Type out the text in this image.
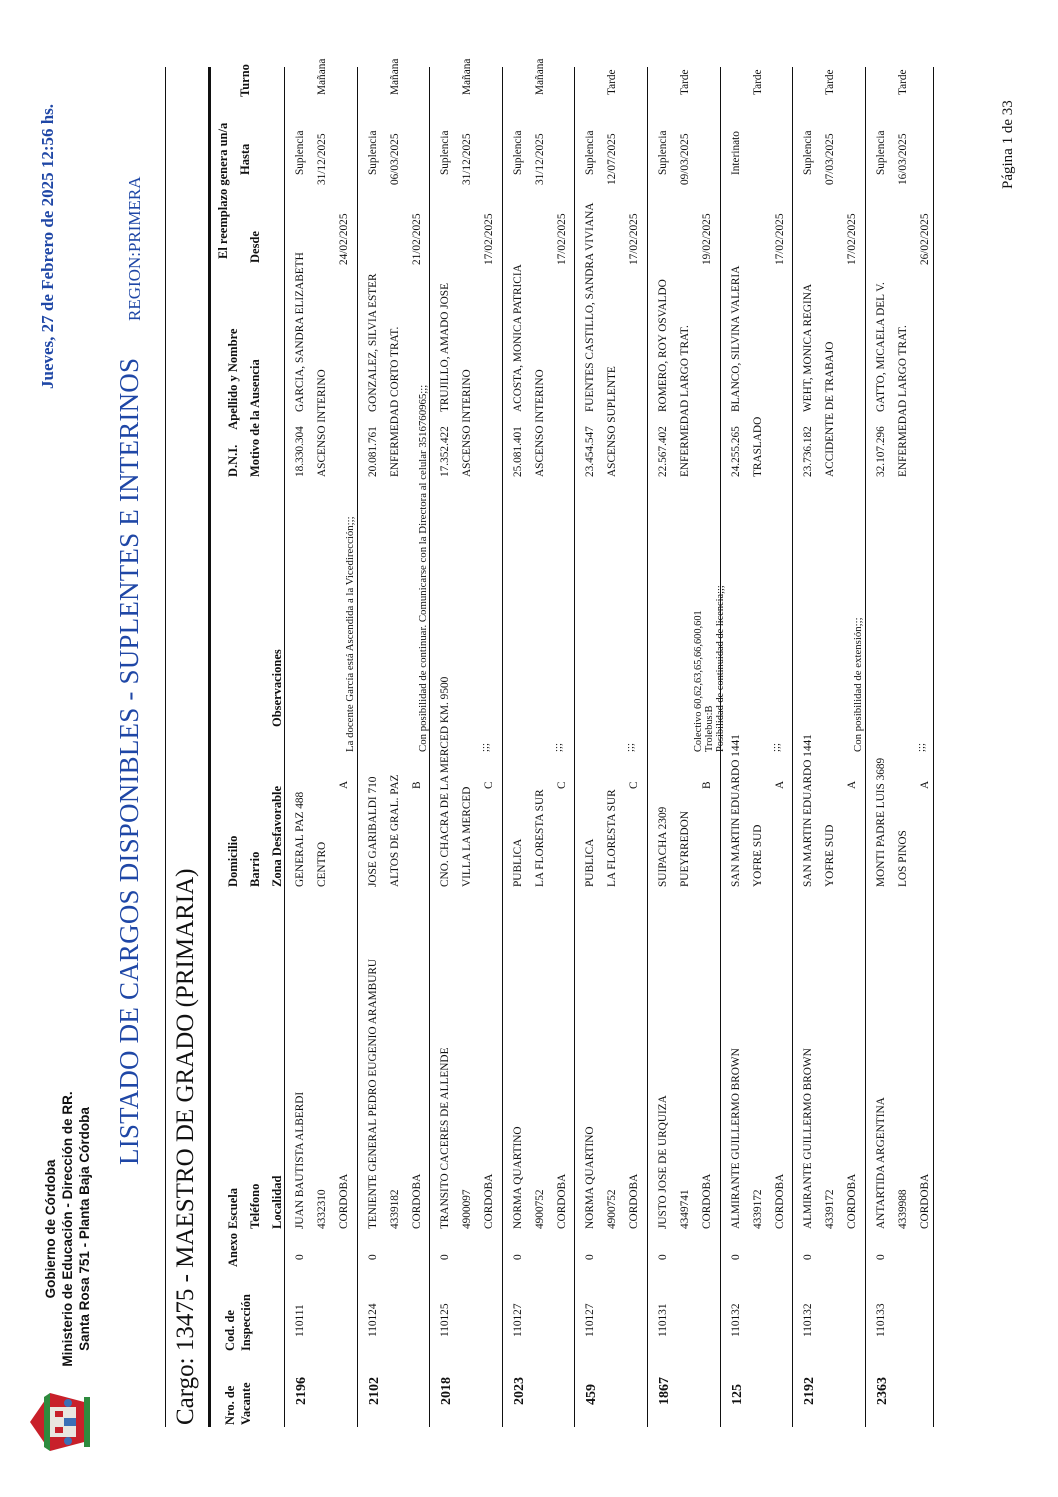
Gobierno de Córdoba Ministerio de Educación - Dirección de RR. Santa Rosa 751 - Planta Baja Córdoba
Jueves, 27 de Febrero de 2025 12:56 hs.
LISTADO DE CARGOS DISPONIBLES - SUPLENTES E INTERINOS
REGION:PRIMERA
Cargo: 13475 - MAESTRO DE GRADO (PRIMARIA) Nro. de Vacante
Cod. de Inspección
Anexo
Escuela Teléfono Localidad
Domicilio Barrio Zona Desfavorable
Observaciones
D.N.I.     Apellido y Nombre Motivo de la Ausencia
El reemplazo genera un/a	Desde
Hasta
Turno
2196
110111
0
JUAN BAUTISTA ALBERDI 4332310 CORDOBA
GENERAL PAZ 488 CENTRO
A
18.330.304
GARCIA, SANDRA ELIZABETH
ASCENSO INTERINO
24/02/2025
Suplencia 31/12/2025
Mañana
La docente García está Ascendida a la Vicedirección;;;
2102
110124
0
TENIENTE GENERAL PEDRO EUGENIO ARAMBURU 4339182 CORDOBA
JOSE GARIBALDI 710 ALTOS DE GRAL. PAZ B
20.081.761
GONZALEZ, SILVIA ESTER ENFERMEDAD CORTO TRAT.
21/02/2025
Suplencia 06/03/2025
Mañana
Con posibilidad de continuar. Comunicarse con la Directora al celular 3516760965;;;
2018
110125
0
TRANSITO CACERES DE ALLENDE 4900097 CORDOBA
CNO. CHACRA DE LA MERCED KM. 9500 VILLA LA MERCED
C
17.352.422
TRUJILLO, AMADO JOSE
ASCENSO INTERINO
17/02/2025
Suplencia 31/12/2025
Mañana
;;;
2023
110127
0
NORMA QUARTINO 4900752 CORDOBA
PUBLICA LA FLORESTA SUR
C
25.081.401
ACOSTA, MONICA PATRICIA
ASCENSO INTERINO
17/02/2025
Suplencia 31/12/2025
Mañana
;;;
459
110127
0
NORMA QUARTINO 4900752 CORDOBA
PUBLICA LA FLORESTA SUR
C
23.454.547
FUENTES CASTILLO, SANDRA VIVIANA
ASCENSO SUPLENTE
17/02/2025
Suplencia 12/07/2025
Tarde
;;;
1867
110131
0
JUSTO JOSE DE URQUIZA 4349741 CORDOBA
SUIPACHA 2309 PUEYRREDON
B
22.567.402
ROMERO, ROY OSVALDO ENFERMEDAD LARGO TRAT.
19/02/2025
Suplencia 09/03/2025
Tarde
Colectivo 60,62,63,65,66,600,601 Trolebus:B Posibilidad de continuidad de licencia;;;
125
110132
0
ALMIRANTE GUILLERMO BROWN 4339172 CORDOBA
SAN MARTIN EDUARDO 1441 YOFRE SUD
A
24.255.265
BLANCO, SILVINA VALERIA
TRASLADO
17/02/2025
Interinato
Tarde
;;;
2192
110132
0
ALMIRANTE GUILLERMO BROWN 4339172 CORDOBA
SAN MARTIN EDUARDO 1441 YOFRE SUD
A
23.736.182
WEHT, MONICA REGINA ACCIDENTE DE TRABAJO
17/02/2025
Suplencia 07/03/2025
Tarde
Con posibilidad de extensión;;;
2363
110133
0
ANTARTIDA ARGENTINA 4339988 CORDOBA
MONTI PADRE LUIS 3689 LOS PINOS
A
32.107.296
GATTO, MICAELA DEL V. ENFERMEDAD LARGO TRAT.
26/02/2025
Suplencia 16/03/2025
Tarde
;;;
Página 1 de 33
